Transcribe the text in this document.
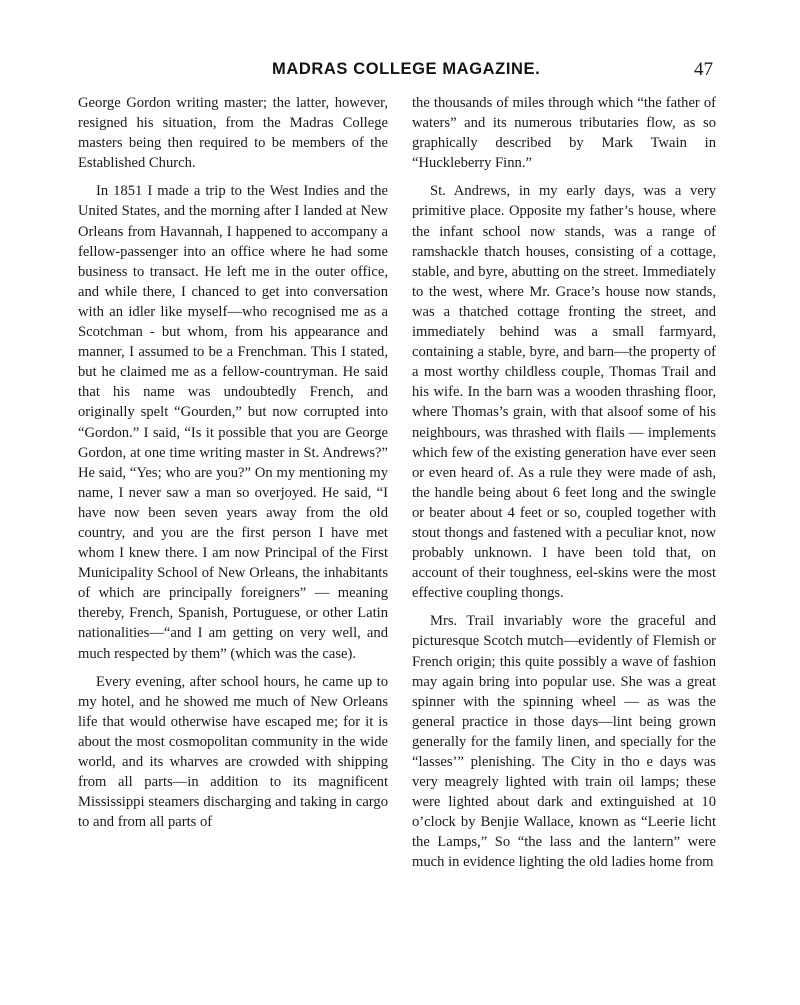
MADRAS COLLEGE MAGAZINE.	47

George Gordon writing master; the latter, however, resigned his situation, from the Madras College masters being then required to be members of the Established Church.

In 1851 I made a trip to the West Indies and the United States, and the morning after I landed at New Orleans from Havannah, I happened to accompany a fellow-passenger into an office where he had some business to transact. He left me in the outer office, and while there, I chanced to get into conversation with an idler like myself—who recognised me as a Scotchman - but whom, from his appearance and manner, I assumed to be a Frenchman. This I stated, but he claimed me as a fellow-countryman. He said that his name was undoubtedly French, and originally spelt “Gourden,” but now corrupted into “Gordon.” I said, “Is it possible that you are George Gordon, at one time writing master in St. Andrews?” He said, “Yes; who are you?” On my mentioning my name, I never saw a man so overjoyed. He said, “I have now been seven years away from the old country, and you are the first person I have met whom I knew there. I am now Principal of the First Municipality School of New Orleans, the inhabitants of which are principally foreigners” — meaning thereby, French, Spanish, Portuguese, or other Latin nationalities—“and I am getting on very well, and much respected by them” (which was the case).

Every evening, after school hours, he came up to my hotel, and he showed me much of New Orleans life that would otherwise have escaped me; for it is about the most cosmopolitan community in the wide world, and its wharves are crowded with shipping from all parts—in addition to its magnificent Mississippi steamers discharging and taking in cargo to and from all parts of

the thousands of miles through which “the father of waters” and its numerous tributaries flow, as so graphically described by Mark Twain in “Huckleberry Finn.”

St. Andrews, in my early days, was a very primitive place. Opposite my father’s house, where the infant school now stands, was a range of ramshackle thatch houses, consisting of a cottage, stable, and byre, abutting on the street. Immediately to the west, where Mr. Grace’s house now stands, was a thatched cottage fronting the street, and immediately behind was a small farmyard, containing a stable, byre, and barn—the property of a most worthy childless couple, Thomas Trail and his wife. In the barn was a wooden thrashing floor, where Thomas’s grain, with that alsoof some of his neighbours, was thrashed with flails — implements which few of the existing generation have ever seen or even heard of. As a rule they were made of ash, the handle being about 6 feet long and the swingle or beater about 4 feet or so, coupled together with stout thongs and fastened with a peculiar knot, now probably unknown. I have been told that, on account of their toughness, eel-skins were the most effective coupling thongs.

Mrs. Trail invariably wore the graceful and picturesque Scotch mutch—evidently of Flemish or French origin; this quite possibly a wave of fashion may again bring into popular use. She was a great spinner with the spinning wheel — as was the general practice in those days—lint being grown generally for the family linen, and specially for the “lasses’” plenishing. The City in tho e days was very meagrely lighted with train oil lamps; these were lighted about dark and extinguished at 10 o’clock by Benjie Wallace, known as “Leerie licht the Lamps,” So “the lass and the lantern” were much in evidence lighting the old ladies home from
